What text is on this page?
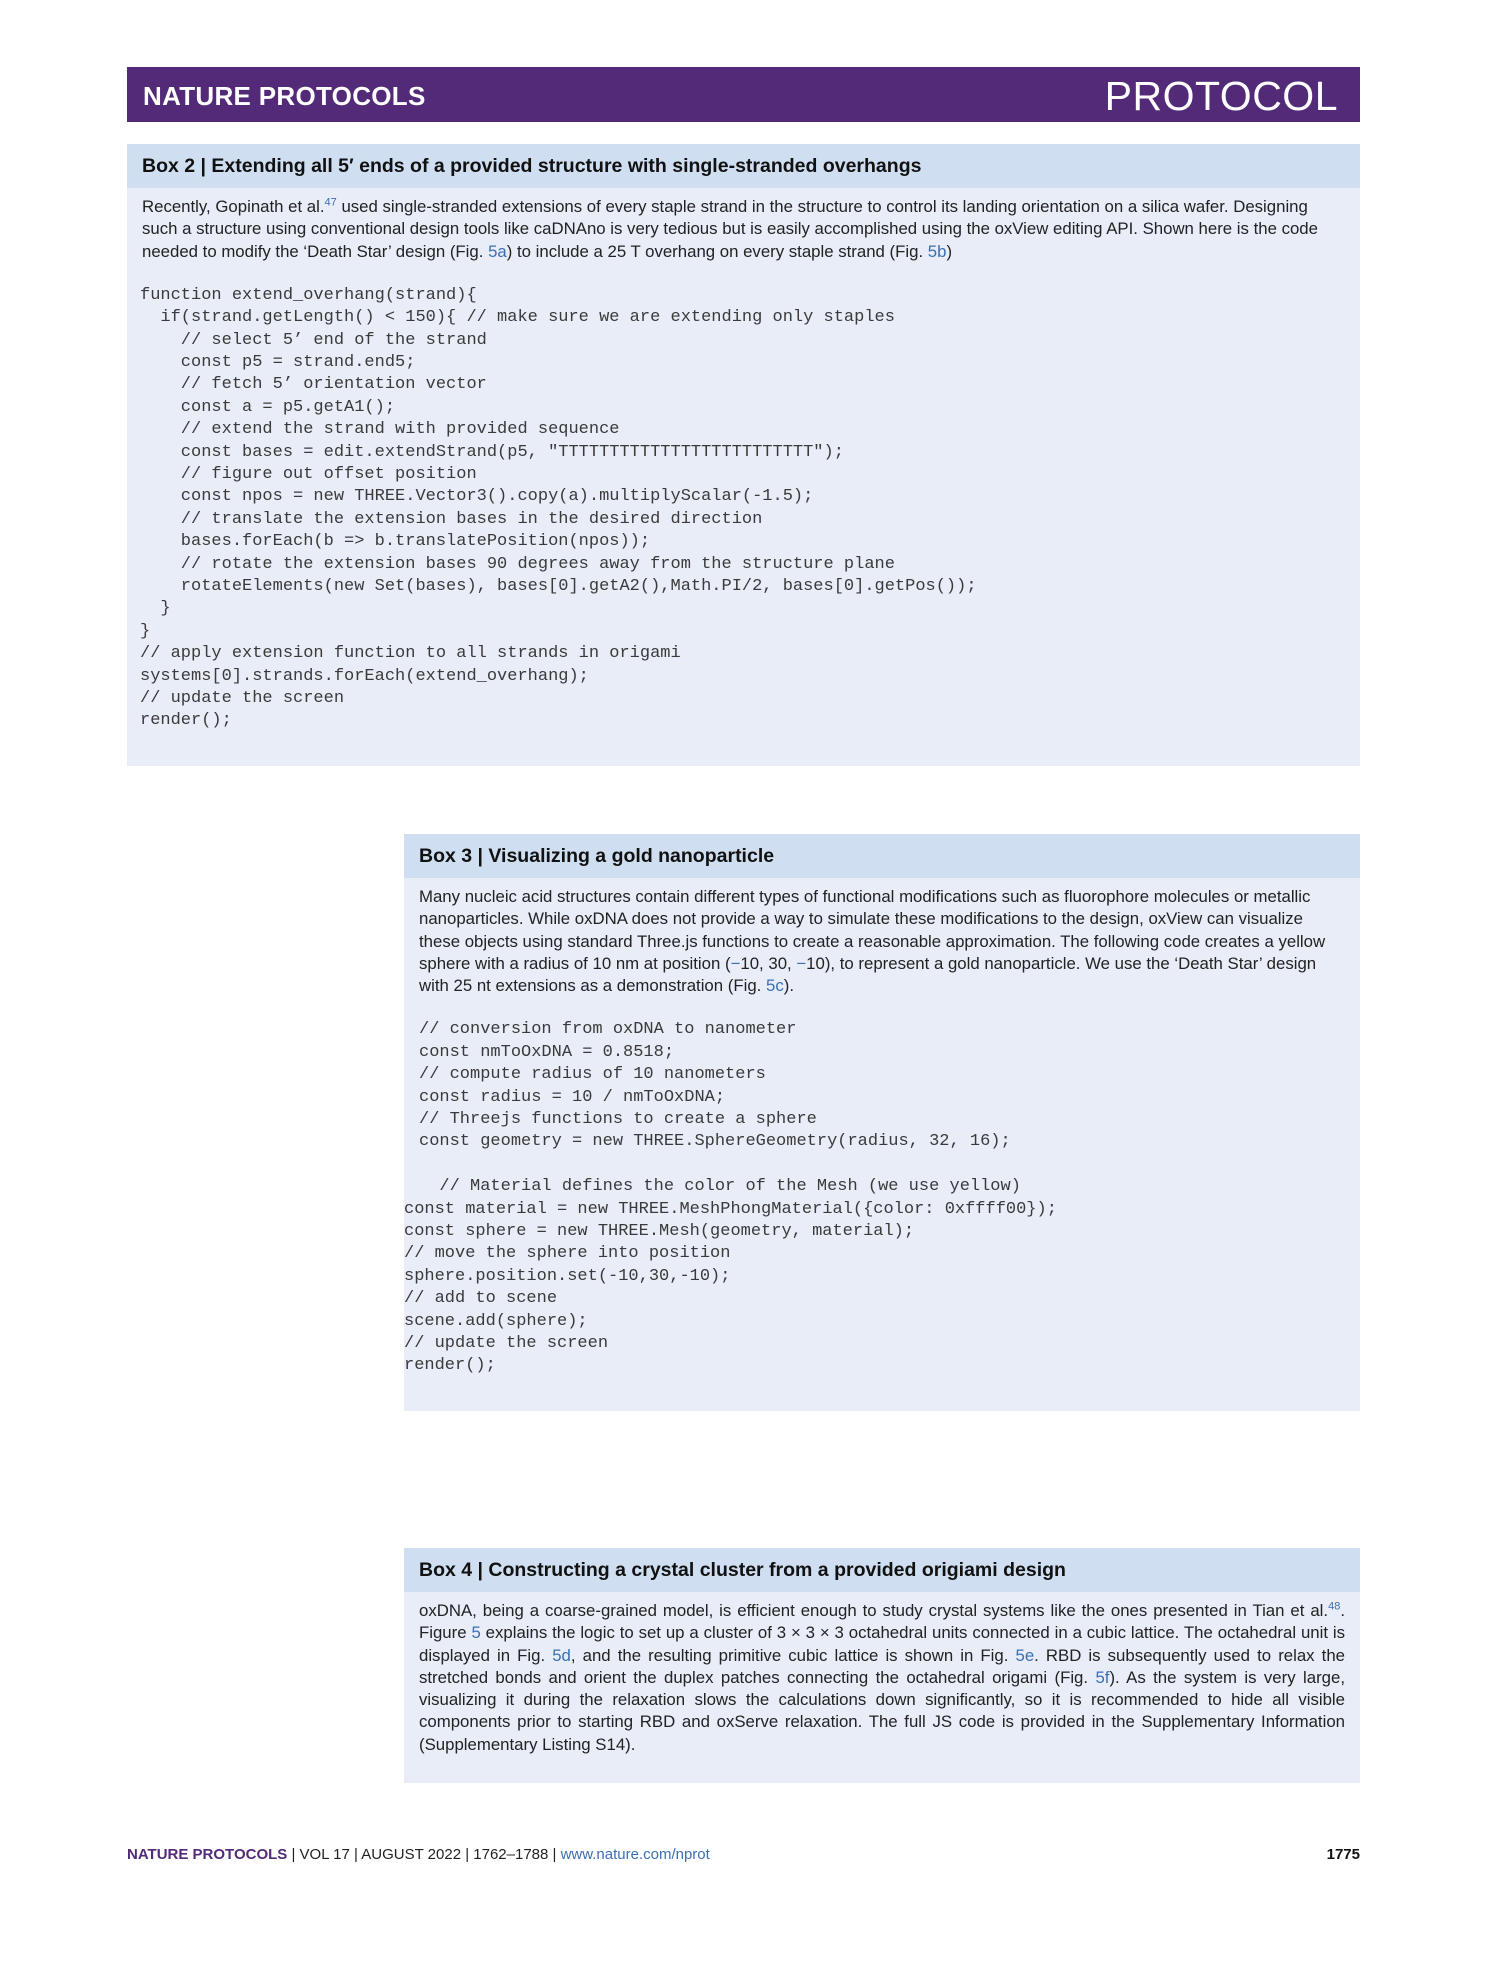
NATURE PROTOCOLS	PROTOCOL
Box 2 | Extending all 5′ ends of a provided structure with single-stranded overhangs

Recently, Gopinath et al.$^{47}$ used single-stranded extensions of every staple strand in the structure to control its landing orientation on a silica wafer. Designing such a structure using conventional design tools like caDNAno is very tedious but is easily accomplished using the oxView editing API. Shown here is the code needed to modify the ‘Death Star’ design (Fig. 5a) to include a 25 T overhang on every staple strand (Fig. 5b)

function extend_overhang(strand){
if(strand.getLength() < 150){ // make sure we are extending only staples
// select 5’ end of the strand
const p5 = strand.end5;
// fetch 5’ orientation vector
const a = p5.getA1();
// extend the strand with provided sequence
const bases = edit.extendStrand(p5, "TTTTTTTTTTTTTTTTTTTTTTTTT");
// figure out offset position
const npos = new THREE.Vector3().copy(a).multiplyScalar(-1.5);
// translate the extension bases in the desired direction
bases.forEach(b => b.translatePosition(npos));
// rotate the extension bases 90 degrees away from the structure plane
rotateElements(new Set(bases), bases[0].getA2(),Math.PI/2, bases[0].getPos());
}
}
// apply extension function to all strands in origami
systems[0].strands.forEach(extend_overhang);
// update the screen
render();
Box 3 | Visualizing a gold nanoparticle

Many nucleic acid structures contain different types of functional modifications such as fluorophore molecules or metallic nanoparticles. While oxDNA does not provide a way to simulate these modifications to the design, oxView can visualize these objects using standard Three.js functions to create a reasonable approximation. The following code creates a yellow sphere with a radius of 10 nm at position (−10, 30, −10), to represent a gold nanoparticle. We use the ‘Death Star’ design with 25 nt extensions as a demonstration (Fig. 5c).

// conversion from oxDNA to nanometer
const nmToOxDNA = 0.8518;
// compute radius of 10 nanometers
const radius = 10 / nmToOxDNA;
// Threejs functions to create a sphere
const geometry = new THREE.SphereGeometry(radius, 32, 16);
// Material defines the color of the Mesh (we use yellow)
const material = new THREE.MeshPhongMaterial({color: 0xffff00});
const sphere = new THREE.Mesh(geometry, material);
// move the sphere into position
sphere.position.set(-10,30,-10);
// add to scene
scene.add(sphere);
// update the screen
render();
Box 4 | Constructing a crystal cluster from a provided origiami design

oxDNA, being a coarse-grained model, is efficient enough to study crystal systems like the ones presented in Tian et al.$^{48}$. Figure 5 explains the logic to set up a cluster of 3 × 3 × 3 octahedral units connected in a cubic lattice. The octahedral unit is displayed in Fig. 5d, and the resulting primitive cubic lattice is shown in Fig. 5e. RBD is subsequently used to relax the stretched bonds and orient the duplex patches connecting the octahedral origami (Fig. 5f). As the system is very large, visualizing it during the relaxation slows the calculations down significantly, so it is recommended to hide all visible components prior to starting RBD and oxServe relaxation. The full JS code is provided in the Supplementary Information (Supplementary Listing S14).

NATURE PROTOCOLS | VOL 17 | AUGUST 2022 | 1762–1788 | www.nature.com/nprot	1775
